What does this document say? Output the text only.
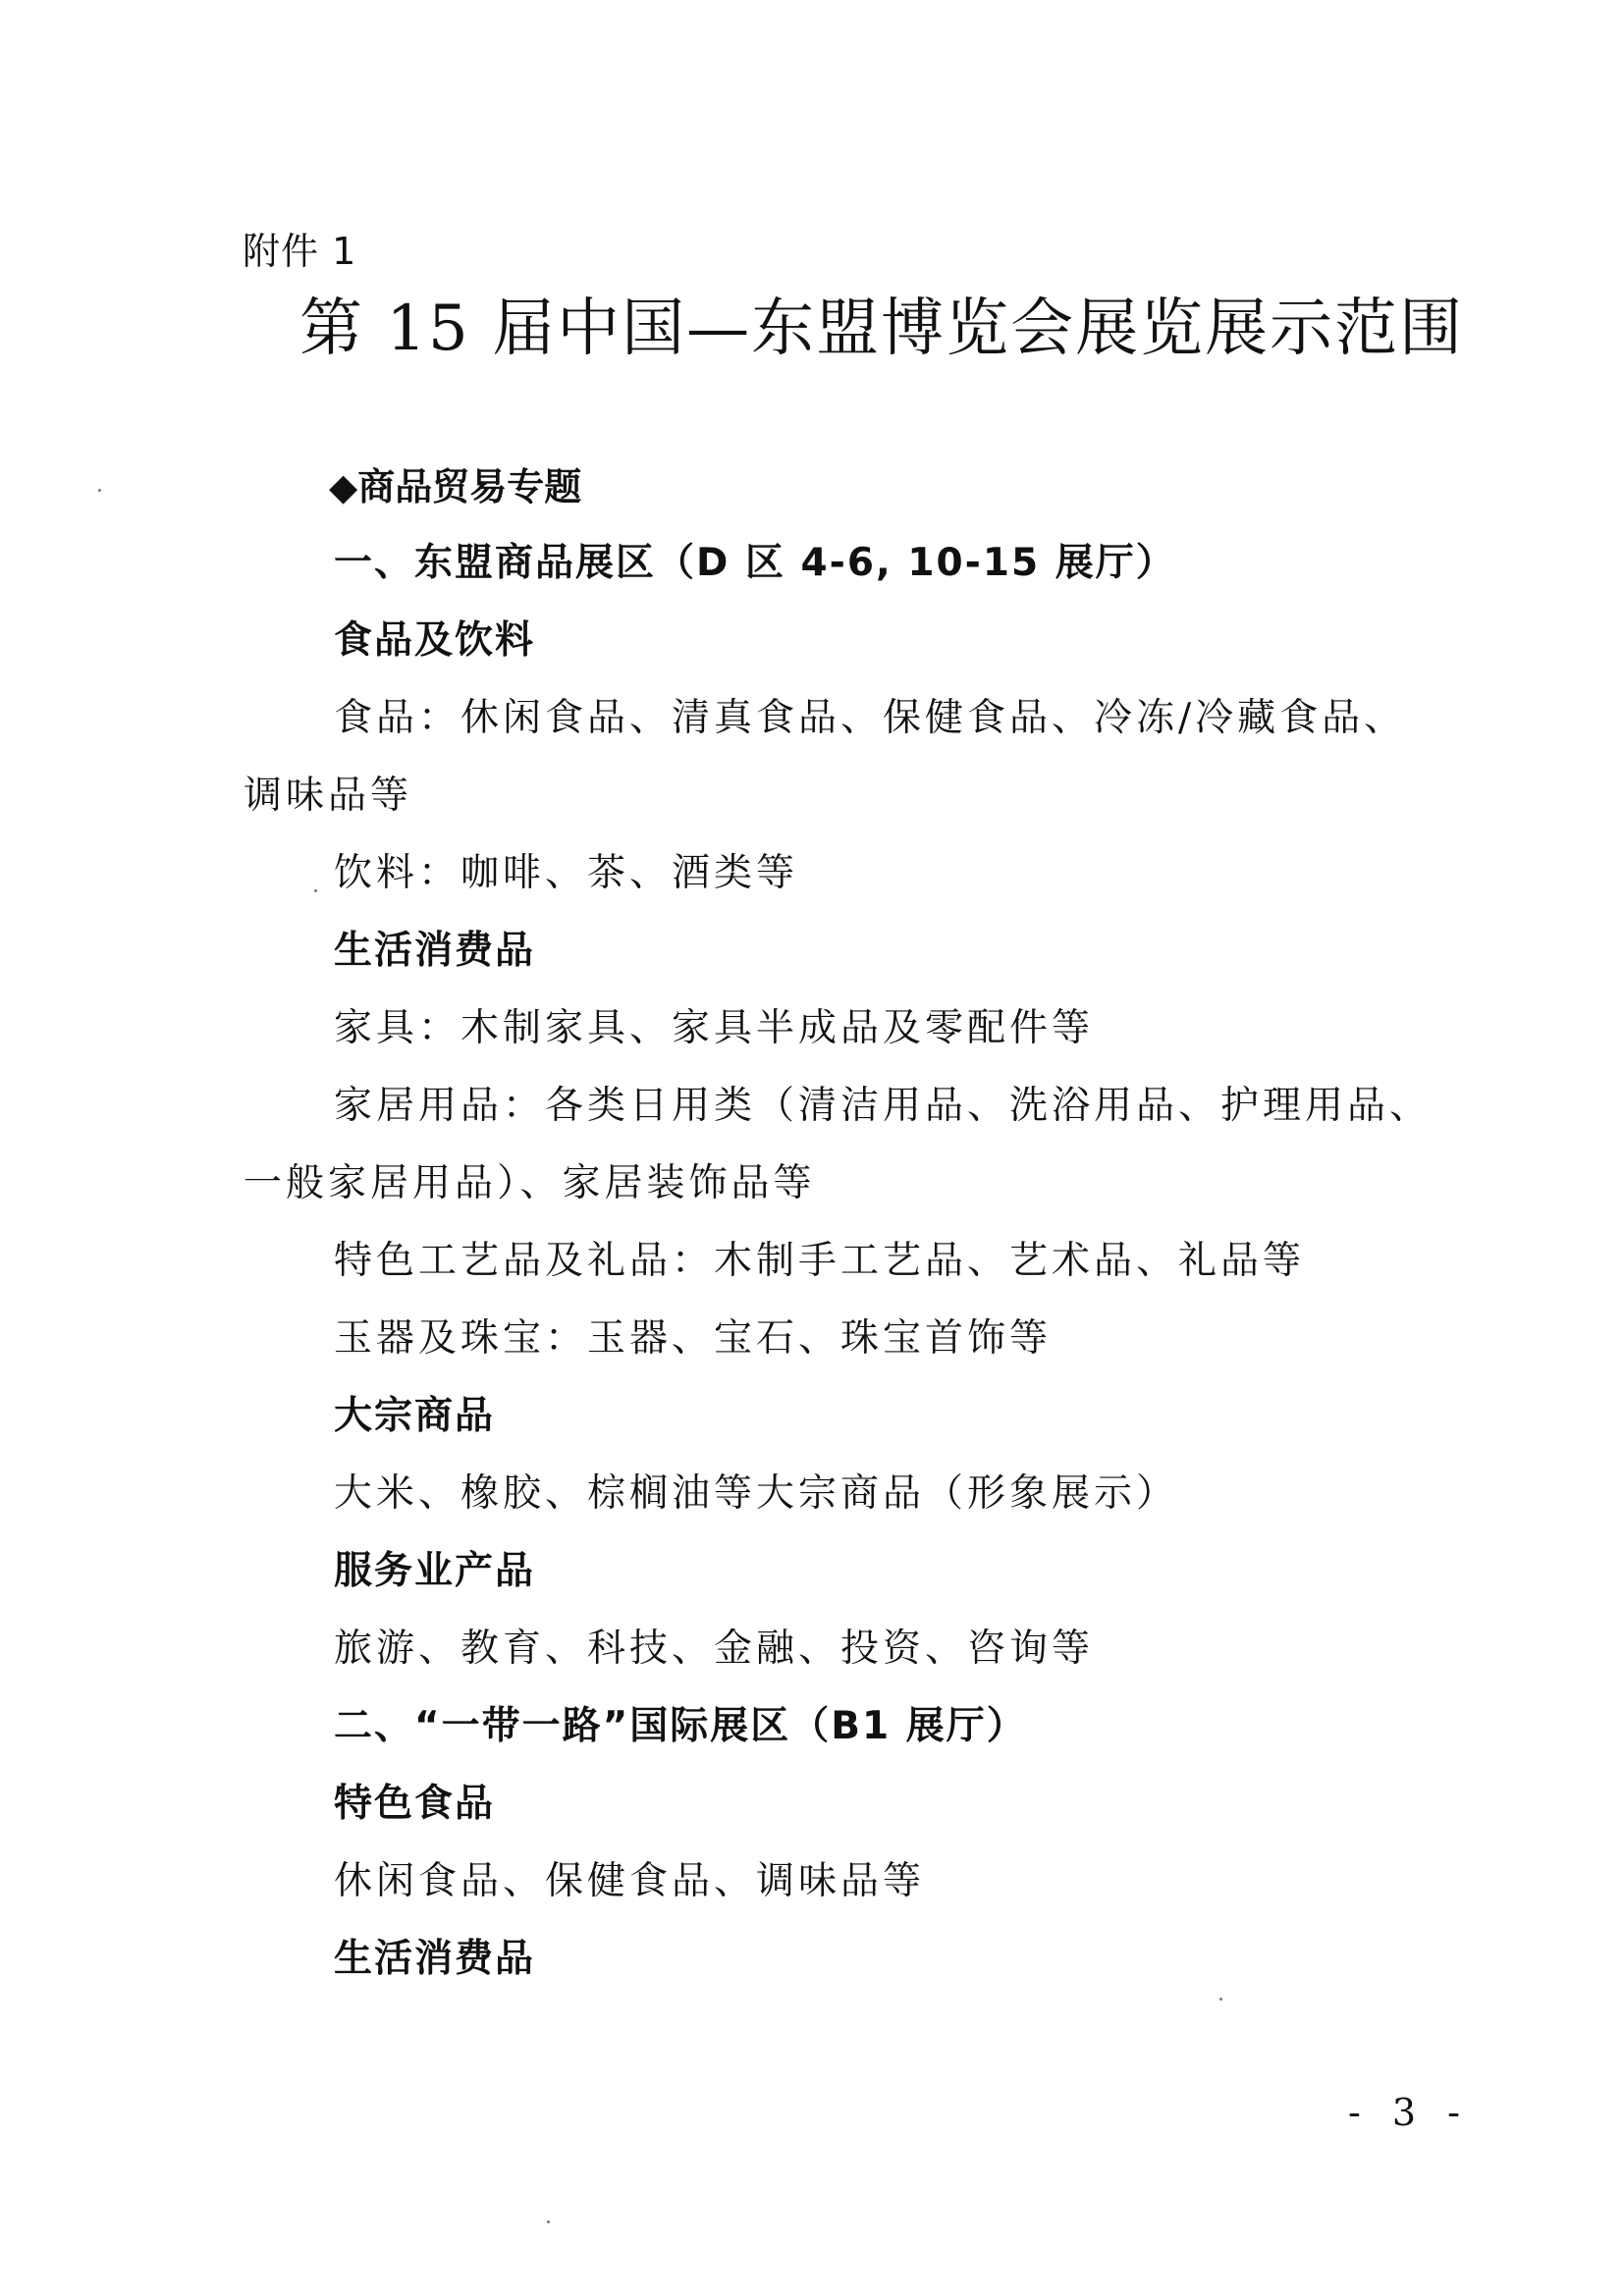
附件 1
第 15 届中国—东盟博览会展览展示范围
◆商品贸易专题
一、东盟商品展区（D 区 4-6, 10-15 展厅）
食品及饮料
食品：休闲食品、清真食品、保健食品、冷冻/冷藏食品、
调味品等
饮料：咖啡、茶、酒类等
生活消费品
家具：木制家具、家具半成品及零配件等
家居用品：各类日用类（清洁用品、洗浴用品、护理用品、
一般家居用品）、家居装饰品等
特色工艺品及礼品：木制手工艺品、艺术品、礼品等
玉器及珠宝：玉器、宝石、珠宝首饰等
大宗商品
大米、橡胶、棕榈油等大宗商品（形象展示）
服务业产品
旅游、教育、科技、金融、投资、咨询等
二、“一带一路”国际展区（B1 展厅）
特色食品
休闲食品、保健食品、调味品等
生活消费品
- 3 -
